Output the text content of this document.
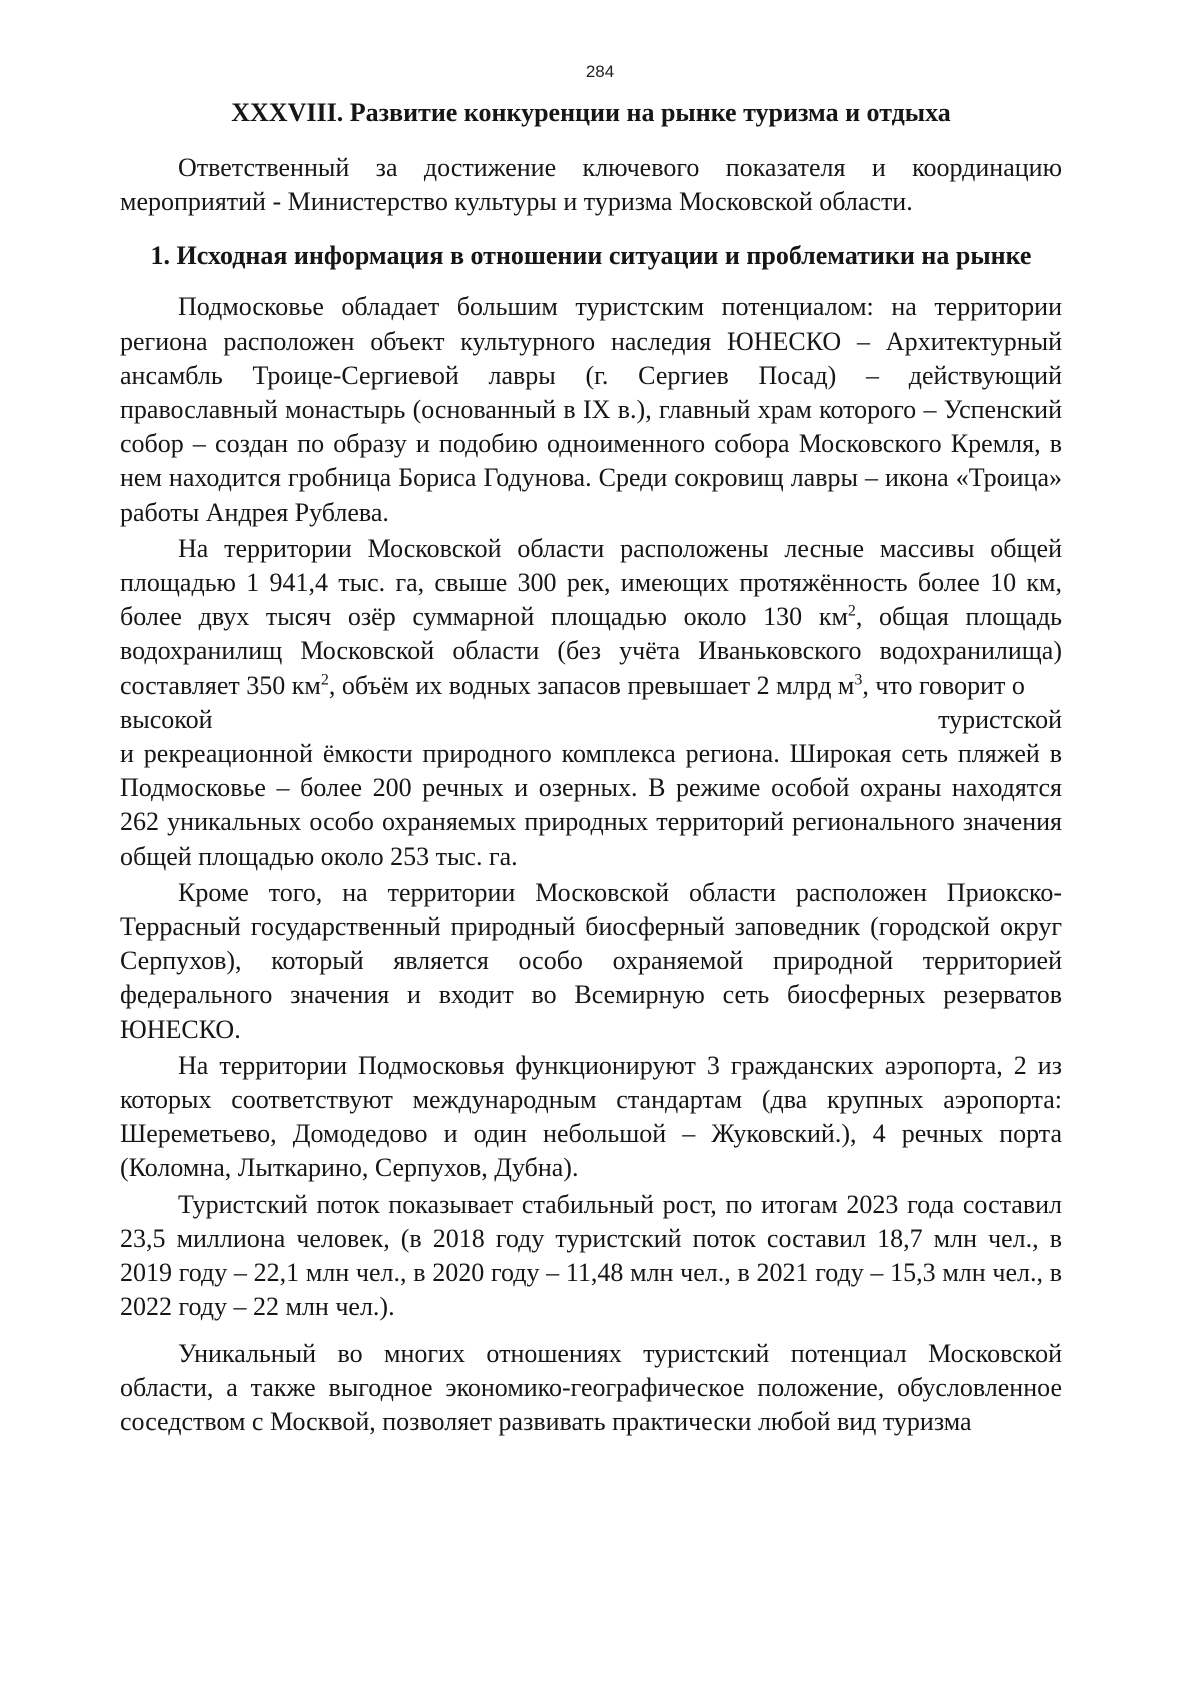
284
XXXVIII. Развитие конкуренции на рынке туризма и отдыха

Ответственный за достижение ключевого показателя и координацию мероприятий - Министерство культуры и туризма Московской области.

1. Исходная информация в отношении ситуации и проблематики на рынке

Подмосковье обладает большим туристским потенциалом: на территории региона расположен объект культурного наследия ЮНЕСКО – Архитектурный ансамбль Троице-Сергиевой лавры (г. Сергиев Посад) – действующий православный монастырь (основанный в IX в.), главный храм которого – Успенский собор – создан по образу и подобию одноименного собора Московского Кремля, в нем находится гробница Бориса Годунова. Среди сокровищ лавры – икона «Троица» работы Андрея Рублева.

На территории Московской области расположены лесные массивы общей площадью 1 941,4 тыс. га, свыше 300 рек, имеющих протяжённость более 10 км, более двух тысяч озёр суммарной площадью около 130 $км^2$, общая площадь водохранилищ Московской области (без учёта Иваньковского водохранилища) составляет 350 $км^2$, объём их водных запасов превышает 2 млрд $м^3$, что говорит о

высокой	туристской

и рекреационной ёмкости природного комплекса региона. Широкая сеть пляжей в Подмосковье – более 200 речных и озерных. В режиме особой охраны находятся 262 уникальных особо охраняемых природных территорий регионального значения общей площадью около 253 тыс. га.

Кроме того, на территории Московской области расположен Приокско-Террасный государственный природный биосферный заповедник (городской округ Серпухов), который является особо охраняемой природной территорией федерального значения и входит во Всемирную сеть биосферных резерватов ЮНЕСКО.

На территории Подмосковья функционируют 3 гражданских аэропорта, 2 из которых соответствуют международным стандартам (два крупных аэропорта: Шереметьево, Домодедово и один небольшой – Жуковский.), 4 речных порта (Коломна, Лыткарино, Серпухов, Дубна).

Туристский поток показывает стабильный рост, по итогам 2023 года составил 23,5 миллиона человек, (в 2018 году туристский поток составил 18,7 млн чел., в 2019 году – 22,1 млн чел., в 2020 году – 11,48 млн чел., в 2021 году – 15,3 млн чел., в 2022 году – 22 млн чел.).

Уникальный во многих отношениях туристский потенциал Московской области, а также выгодное экономико-географическое положение, обусловленное соседством с Москвой, позволяет развивать практически любой вид туризма
